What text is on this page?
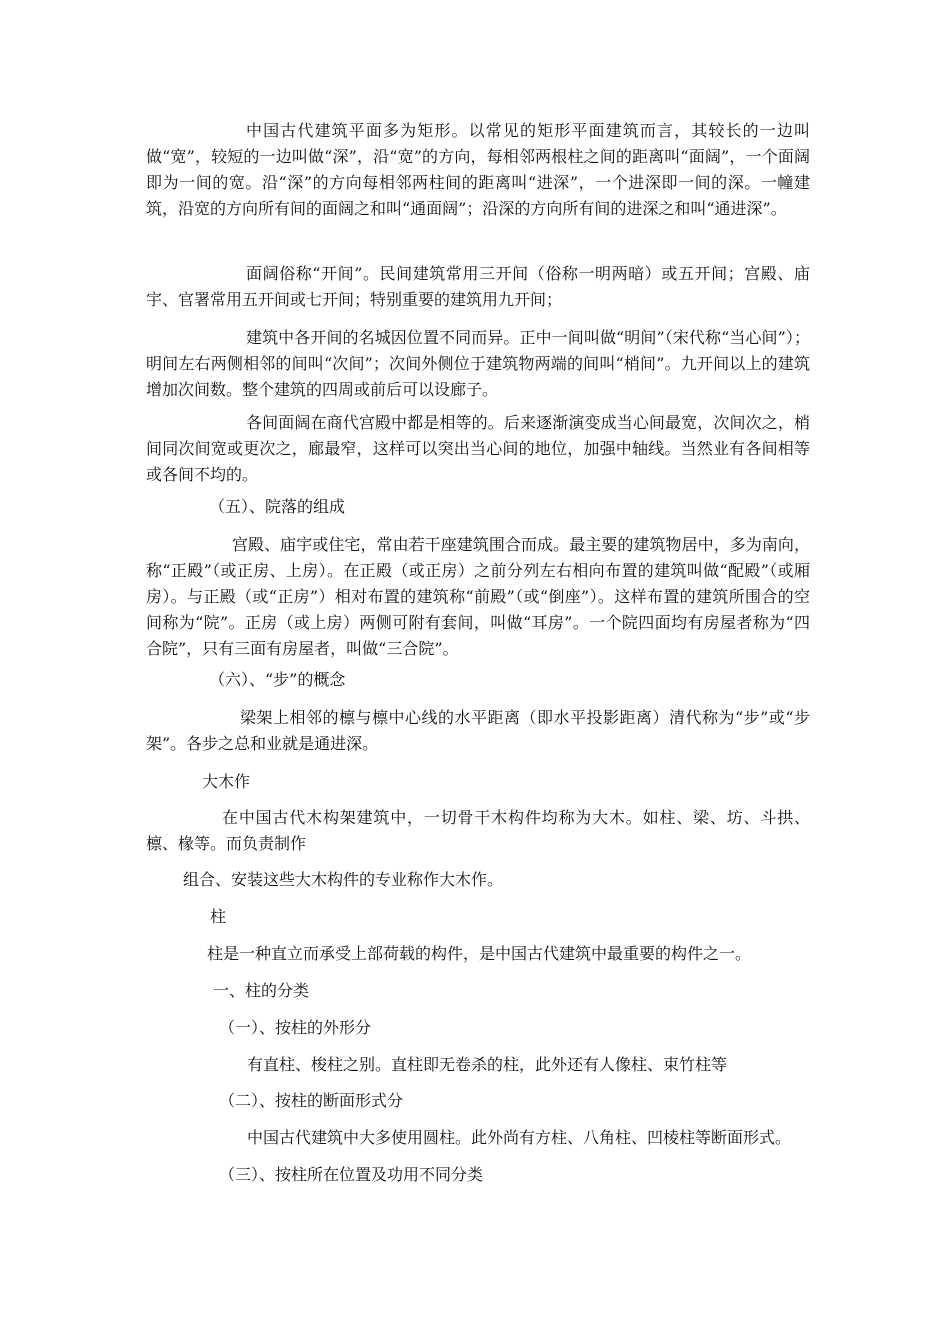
中国古代建筑平面多为矩形。以常见的矩形平面建筑而言，其较长的一边叫做“宽”，较短的一边叫做“深”，沿“宽”的方向，每相邻两根柱之间的距离叫“面阔”，一个面阔即为一间的宽。沿“深”的方向每相邻两柱间的距离叫“进深”，一个进深即一间的深。一幢建筑，沿宽的方向所有间的面阔之和叫“通面阔”；沿深的方向所有间的进深之和叫“通进深”。

面阔俗称“开间”。民间建筑常用三开间（俗称一明两暗）或五开间；宫殿、庙宇、官署常用五开间或七开间；特别重要的建筑用九开间；

建筑中各开间的名城因位置不同而异。正中一间叫做“明间”（宋代称“当心间”）；明间左右两侧相邻的间叫“次间”；次间外侧位于建筑物两端的间叫“梢间”。九开间以上的建筑增加次间数。整个建筑的四周或前后可以设廊子。

各间面阔在商代宫殿中都是相等的。后来逐渐演变成当心间最宽，次间次之，梢间同次间宽或更次之，廊最窄，这样可以突出当心间的地位，加强中轴线。当然业有各间相等或各间不均的。

（五）、院落的组成

宫殿、庙宇或住宅，常由若干座建筑围合而成。最主要的建筑物居中，多为南向，称“正殿”（或正房、上房）。在正殿（或正房）之前分列左右相向布置的建筑叫做“配殿”（或厢房）。与正殿（或“正房”）相对布置的建筑称“前殿”（或“倒座”）。这样布置的建筑所围合的空间称为“院”。正房（或上房）两侧可附有套间，叫做“耳房”。一个院四面均有房屋者称为“四合院”，只有三面有房屋者，叫做“三合院”。

（六）、“步”的概念

梁架上相邻的檩与檩中心线的水平距离（即水平投影距离）清代称为“步”或“步架”。各步之总和业就是通进深。

大木作

在中国古代木构架建筑中，一切骨干木构件均称为大木。如柱、梁、坊、斗拱、檩、椽等。而负责制作

组合、安装这些大木构件的专业称作大木作。

柱

柱是一种直立而承受上部荷载的构件，是中国古代建筑中最重要的构件之一。

一、柱的分类

（一）、按柱的外形分

有直柱、梭柱之别。直柱即无卷杀的柱，此外还有人像柱、束竹柱等

（二）、按柱的断面形式分

中国古代建筑中大多使用圆柱。此外尚有方柱、八角柱、凹棱柱等断面形式。

（三）、按柱所在位置及功用不同分类
